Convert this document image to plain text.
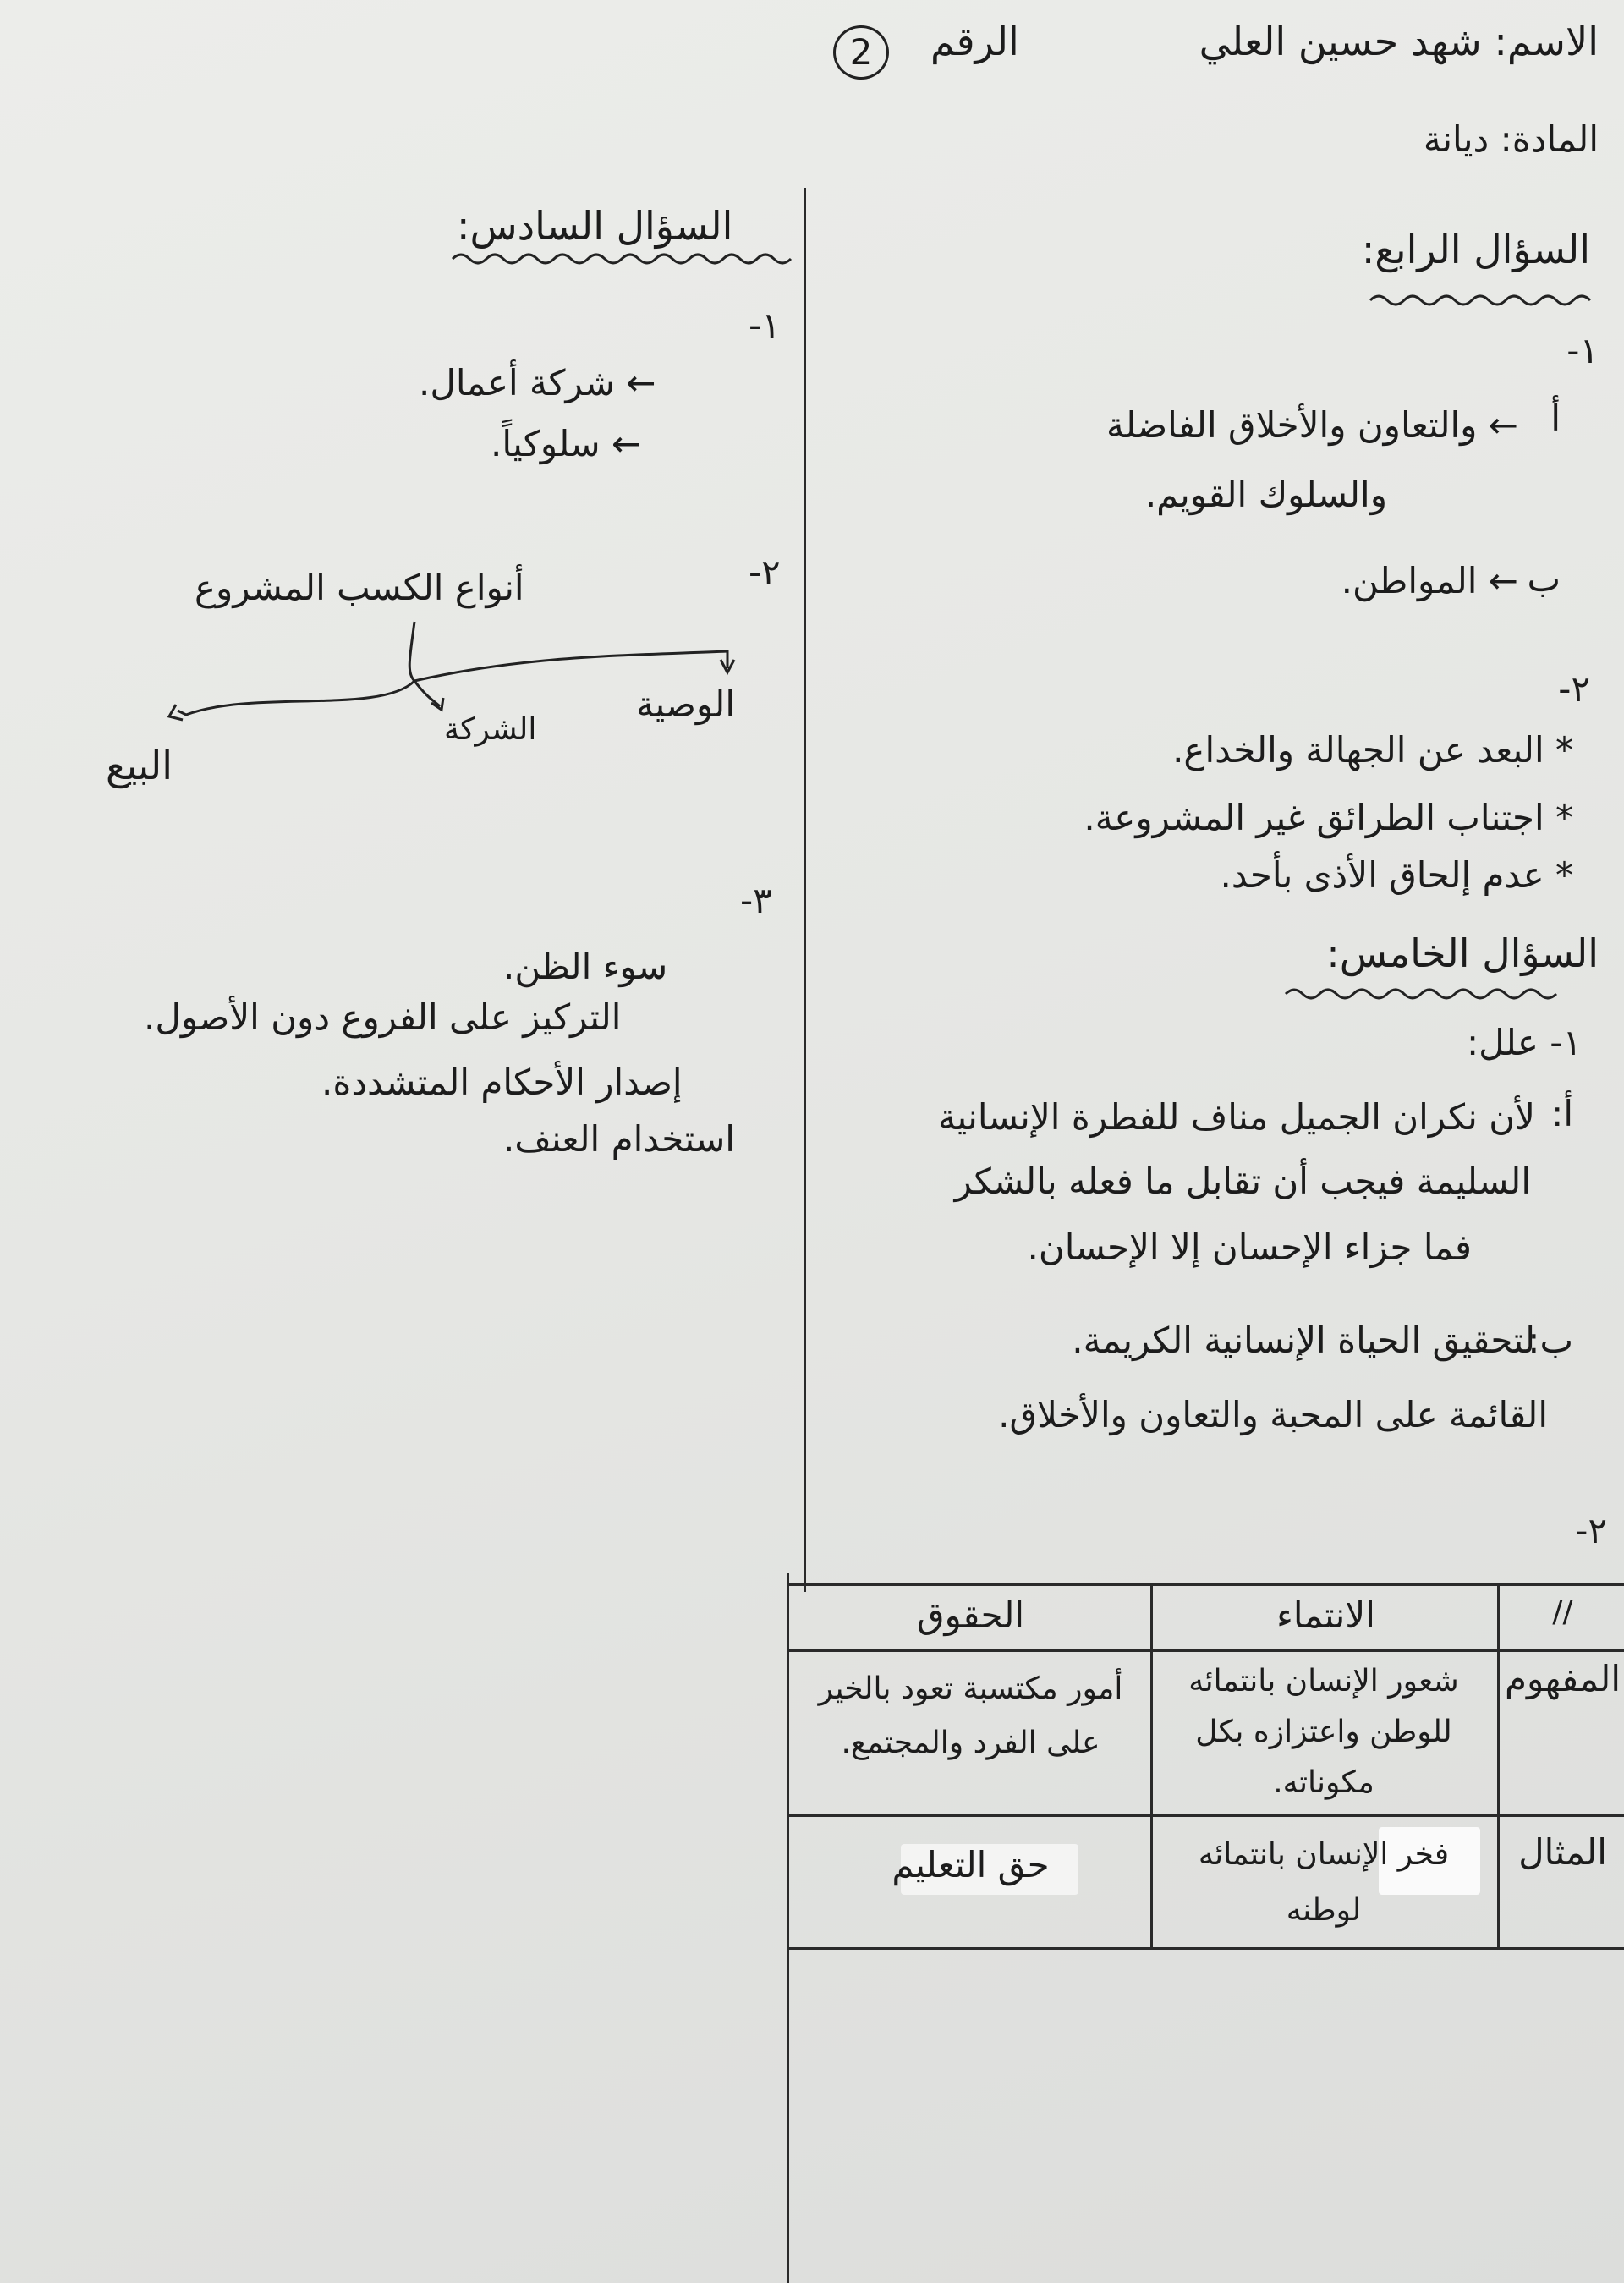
الاسم: شهد حسين العلي
الرقم
2
المادة: ديانة
السؤال الرابع:
١-
أ
← والتعاون والأخلاق الفاضلة
والسلوك القويم.
ب
← المواطن.
٢-
* البعد عن الجهالة والخداع.
* اجتناب الطرائق غير المشروعة.
* عدم إلحاق الأذى بأحد.
السؤال الخامس:
١- علل:
أ:
لأن نكران الجميل مناف للفطرة الإنسانية
السليمة فيجب أن تقابل ما فعله بالشكر
فما جزاء الإحسان إلا الإحسان.
ب:
لتحقيق الحياة الإنسانية الكريمة.
القائمة على المحبة والتعاون والأخلاق.
٢-
السؤال السادس:
١-
← شركة أعمال.
← سلوكياً.
٢-
أنواع الكسب المشروع
الوصية
الشركة
البيع
٣-
سوء الظن.
التركيز على الفروع دون الأصول.
إصدار الأحكام المتشددة.
استخدام العنف.
//
الانتماء
الحقوق
المفهوم
شعور الإنسان بانتمائه للوطن واعتزازه بكل مكوناته.
أمور مكتسبة تعود بالخير على الفرد والمجتمع.
المثال
فخر الإنسان بانتمائه لوطنه
حق التعليم
